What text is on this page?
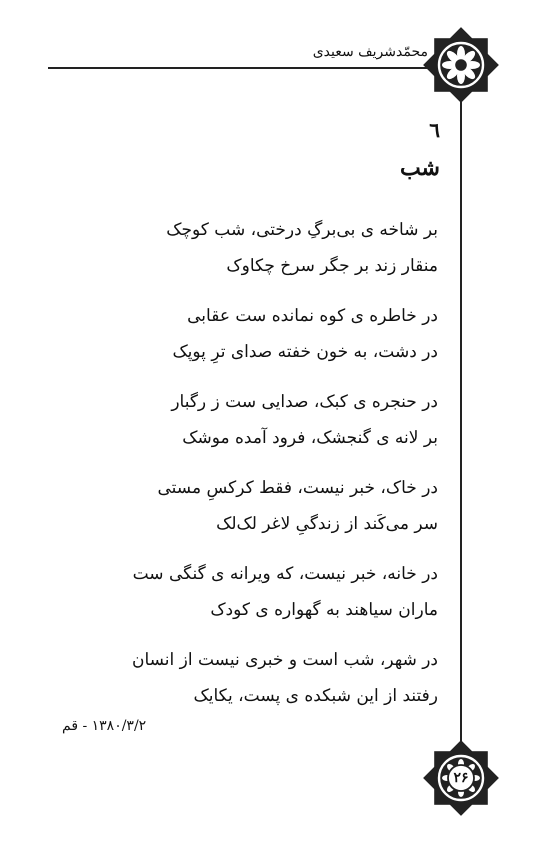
محمّدشریف سعیدی
٦
شب
بر شاخه ی بی‌برگِ درختی، شب کوچک
منقار زند بر جگر سرخ چکاوک
در خاطره ی کوه نمانده ست عقابی
در دشت، به خون خفته صدای ترِ پوپک
در حنجره ی کبک، صدایی ست ز رگبار
بر لانه ی گنجشک، فرود آمده موشک
در خاک، خبر نیست، فقط کرکسِ مستی
سر می‌کَند از زندگیِ لاغر لک‌لک
در خانه، خبر نیست، که ویرانه ی گنگی ست
ماران سیاهند به گهواره ی کودک
در شهر، شب است و خبری نیست از انسان
رفتند از این شبکده ی پست، یکایک
۱۳۸۰/۳/۲ - قم
۲۶
